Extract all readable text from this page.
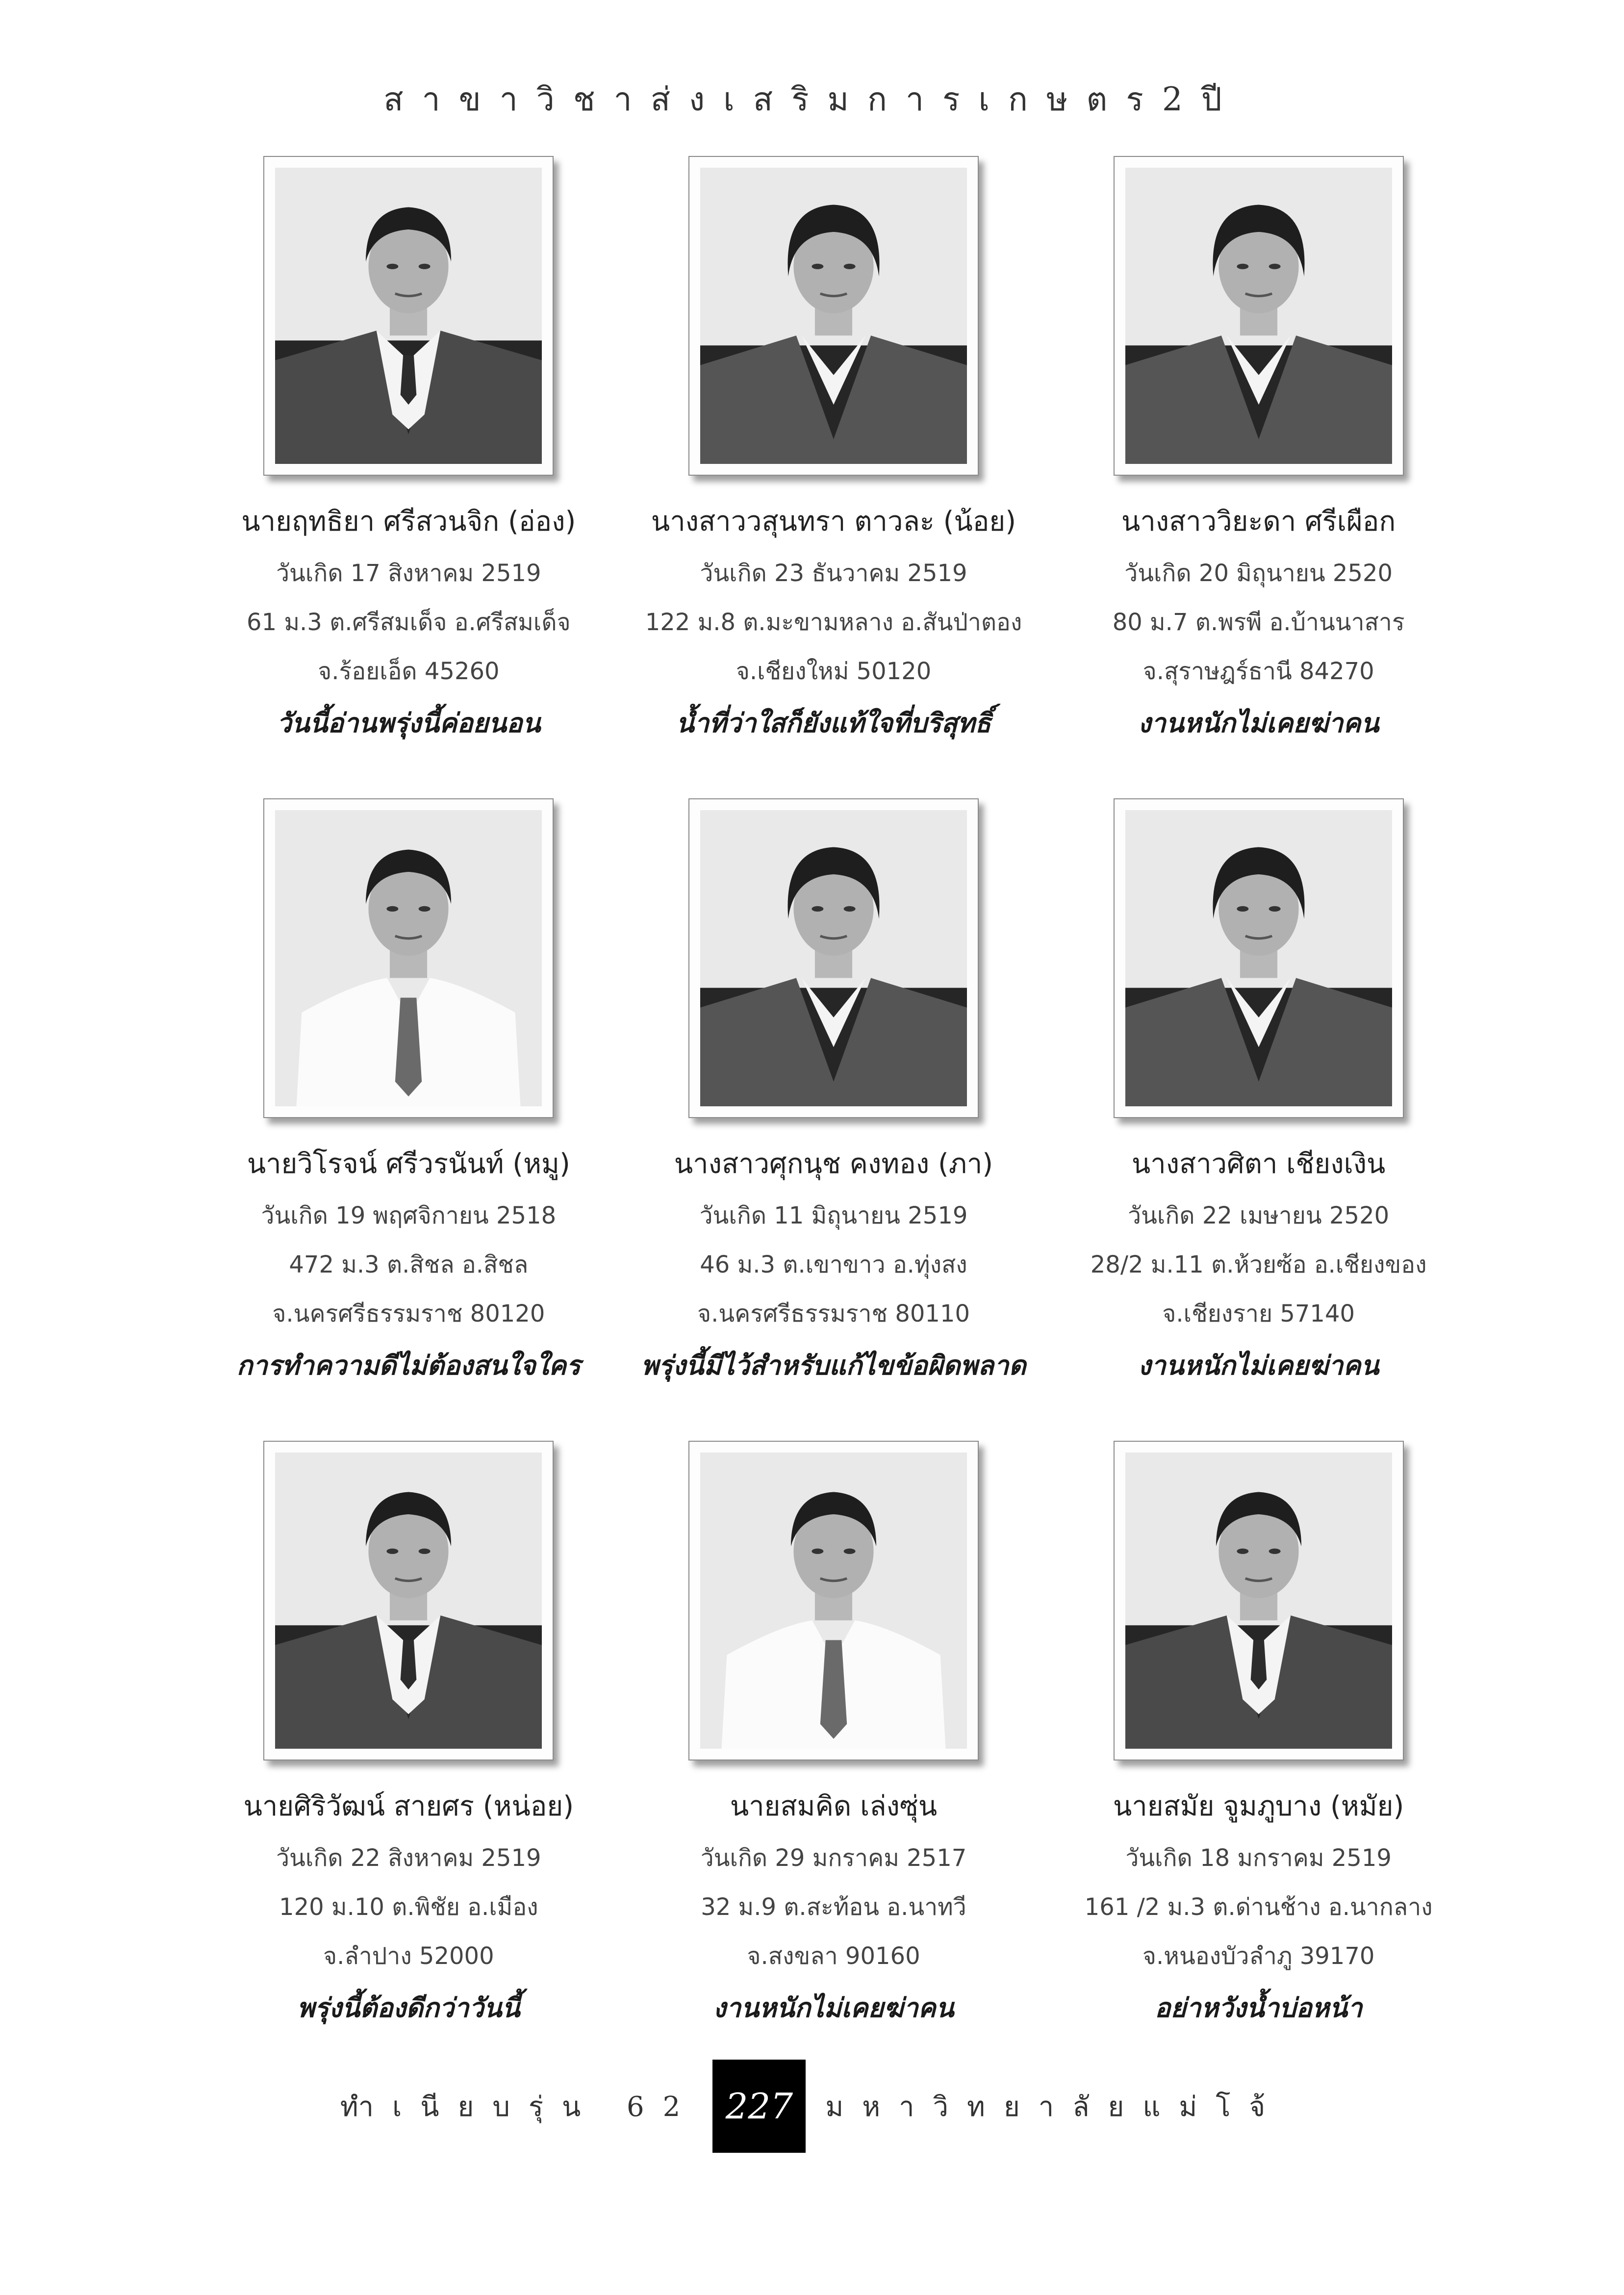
สาขาวิชาส่งเสริมการเกษตร2ปี
นายฤทธิยา ศรีสวนจิก (อ่อง)
วันเกิด 17 สิงหาคม 2519
61 ม.3 ต.ศรีสมเด็จ อ.ศรีสมเด็จ
จ.ร้อยเอ็ด 45260
วันนี้อ่านพรุ่งนี้ค่อยนอน
นางสาววสุนทรา ตาวละ (น้อย)
วันเกิด 23 ธันวาคม 2519
122 ม.8 ต.มะขามหลาง อ.สันป่าตอง
จ.เชียงใหม่ 50120
น้ำที่ว่าใสก็ยังแท้ใจที่บริสุทธิ์
นางสาววิยะดา ศรีเผือก
วันเกิด 20 มิถุนายน 2520
80 ม.7 ต.พรพี อ.บ้านนาสาร
จ.สุราษฎร์ธานี 84270
งานหนักไม่เคยฆ่าคน
นายวิโรจน์ ศรีวรนันท์ (หมู)
วันเกิด 19 พฤศจิกายน 2518
472 ม.3 ต.สิชล อ.สิชล
จ.นครศรีธรรมราช 80120
การทำความดีไม่ต้องสนใจใคร
นางสาวศุกนุช คงทอง (ภา)
วันเกิด 11 มิถุนายน 2519
46 ม.3 ต.เขาขาว อ.ทุ่งสง
จ.นครศรีธรรมราช 80110
พรุ่งนี้มีไว้สำหรับแก้ไขข้อผิดพลาด
นางสาวศิตา เชียงเงิน
วันเกิด 22 เมษายน 2520
28/2 ม.11 ต.ห้วยซ้อ อ.เชียงของ
จ.เชียงราย 57140
งานหนักไม่เคยฆ่าคน
นายศิริวัฒน์ สายศร (หน่อย)
วันเกิด 22 สิงหาคม 2519
120 ม.10 ต.พิชัย อ.เมือง
จ.ลำปาง 52000
พรุ่งนี้ต้องดีกว่าวันนี้
นายสมคิด เล่งซุ่น
วันเกิด 29 มกราคม 2517
32 ม.9 ต.สะท้อน อ.นาทวี
จ.สงขลา 90160
งานหนักไม่เคยฆ่าคน
นายสมัย จูมภูบาง (หมัย)
วันเกิด 18 มกราคม 2519
161 /2 ม.3 ต.ด่านช้าง อ.นากลาง
จ.หนองบัวลำภู 39170
อย่าหวังน้ำบ่อหน้า
ทำเนียบรุ่น 62 227	มหาวิทยาลัยแม่โจ้
